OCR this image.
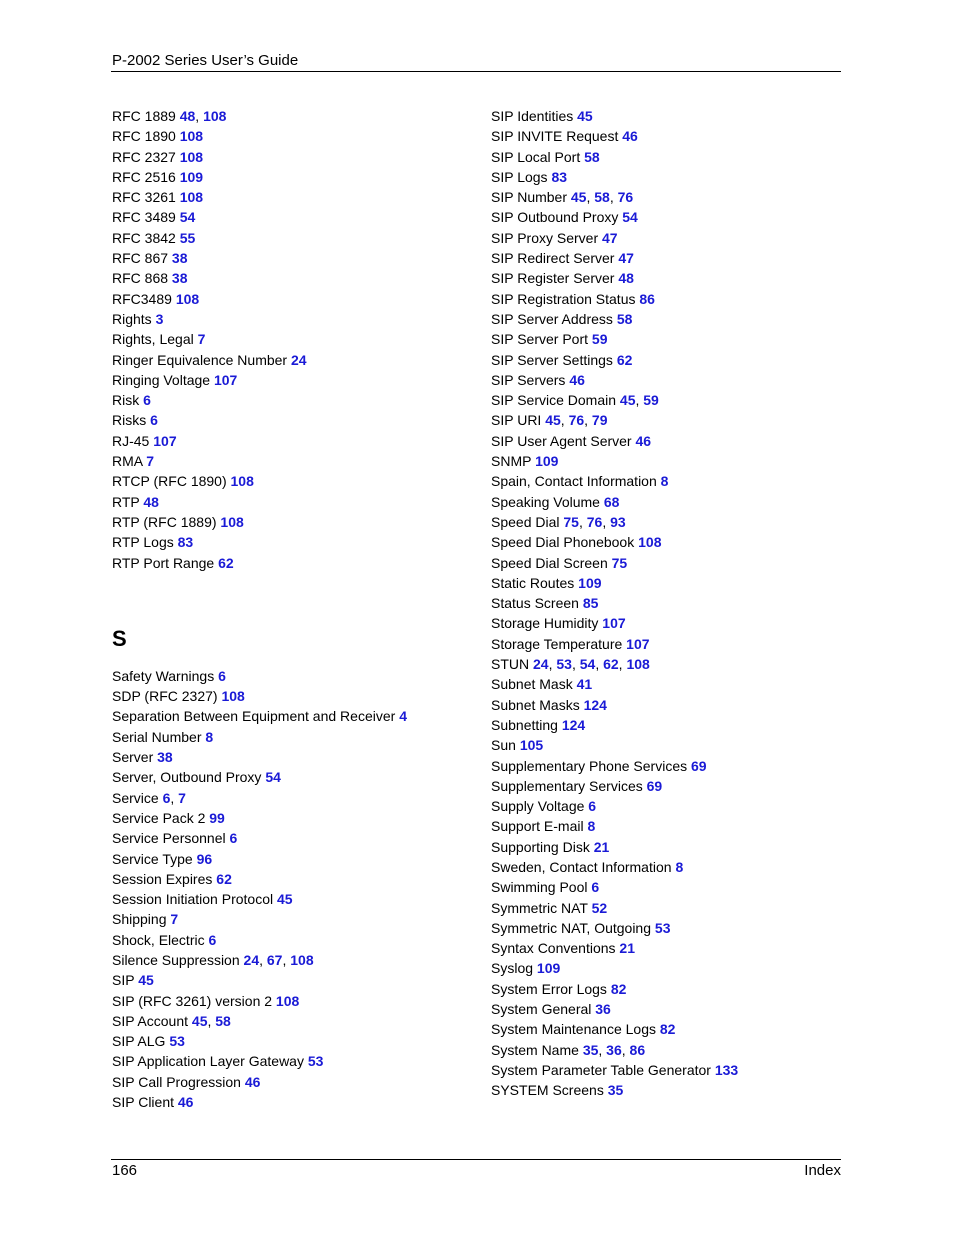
P-2002 Series User’s Guide
RFC 1889 48, 108
RFC 1890 108
RFC 2327 108
RFC 2516 109
RFC 3261 108
RFC 3489 54
RFC 3842 55
RFC 867 38
RFC 868 38
RFC3489 108
Rights 3
Rights, Legal 7
Ringer Equivalence Number 24
Ringing Voltage 107
Risk 6
Risks 6
RJ-45 107
RMA 7
RTCP (RFC 1890) 108
RTP 48
RTP (RFC 1889) 108
RTP Logs 83
RTP Port Range 62
S
Safety Warnings 6
SDP (RFC 2327) 108
Separation Between Equipment and Receiver 4
Serial Number 8
Server 38
Server, Outbound Proxy 54
Service 6, 7
Service Pack 2 99
Service Personnel 6
Service Type 96
Session Expires 62
Session Initiation Protocol 45
Shipping 7
Shock, Electric 6
Silence Suppression 24, 67, 108
SIP 45
SIP (RFC 3261) version 2 108
SIP Account 45, 58
SIP ALG 53
SIP Application Layer Gateway 53
SIP Call Progression 46
SIP Client 46
SIP Identities 45
SIP INVITE Request 46
SIP Local Port 58
SIP Logs 83
SIP Number 45, 58, 76
SIP Outbound Proxy 54
SIP Proxy Server 47
SIP Redirect Server 47
SIP Register Server 48
SIP Registration Status 86
SIP Server Address 58
SIP Server Port 59
SIP Server Settings 62
SIP Servers 46
SIP Service Domain 45, 59
SIP URI 45, 76, 79
SIP User Agent Server 46
SNMP 109
Spain, Contact Information 8
Speaking Volume 68
Speed Dial 75, 76, 93
Speed Dial Phonebook 108
Speed Dial Screen 75
Static Routes 109
Status Screen 85
Storage Humidity 107
Storage Temperature 107
STUN 24, 53, 54, 62, 108
Subnet Mask 41
Subnet Masks 124
Subnetting 124
Sun 105
Supplementary Phone Services 69
Supplementary Services 69
Supply Voltage 6
Support E-mail 8
Supporting Disk 21
Sweden, Contact Information 8
Swimming Pool 6
Symmetric NAT 52
Symmetric NAT, Outgoing 53
Syntax Conventions 21
Syslog 109
System Error Logs 82
System General 36
System Maintenance Logs 82
System Name 35, 36, 86
System Parameter Table Generator 133
SYSTEM Screens 35
166	Index
